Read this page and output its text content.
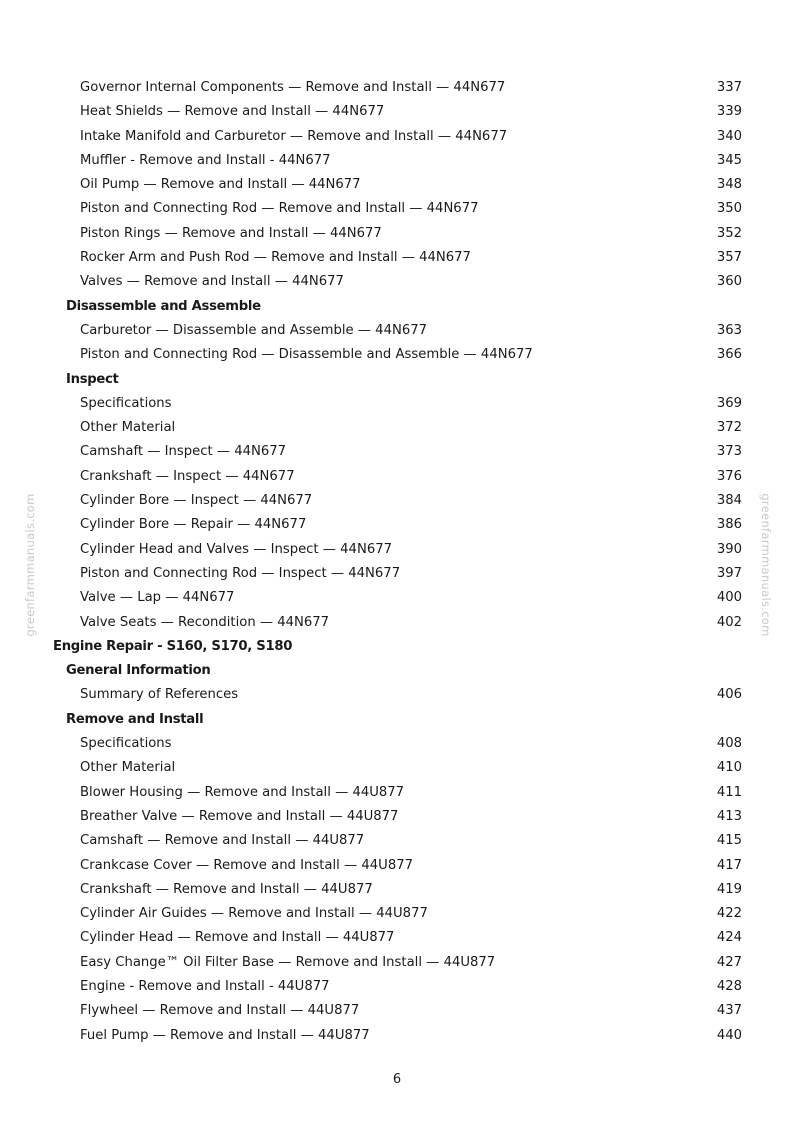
greenfarmmanuals.com	greenfarmmanuals.com
Governor Internal Components — Remove and Install — 44N677	337
Heat Shields — Remove and Install — 44N677	339
Intake Manifold and Carburetor — Remove and Install — 44N677	340
Muffler - Remove and Install - 44N677	345
Oil Pump — Remove and Install — 44N677	348
Piston and Connecting Rod — Remove and Install — 44N677	350
Piston Rings — Remove and Install — 44N677	352
Rocker Arm and Push Rod — Remove and Install — 44N677	357
Valves — Remove and Install — 44N677	360
Disassemble and Assemble
Carburetor — Disassemble and Assemble — 44N677	363
Piston and Connecting Rod — Disassemble and Assemble — 44N677	366
Inspect
Specifications	369
Other Material	372
Camshaft — Inspect — 44N677	373
Crankshaft — Inspect — 44N677	376
Cylinder Bore — Inspect — 44N677	384
Cylinder Bore — Repair — 44N677	386
Cylinder Head and Valves — Inspect — 44N677	390
Piston and Connecting Rod — Inspect — 44N677	397
Valve — Lap — 44N677	400
Valve Seats — Recondition — 44N677	402
Engine Repair - S160, S170, S180
General Information
Summary of References	406
Remove and Install
Specifications	408
Other Material	410
Blower Housing — Remove and Install — 44U877	411
Breather Valve — Remove and Install — 44U877	413
Camshaft — Remove and Install — 44U877	415
Crankcase Cover — Remove and Install — 44U877	417
Crankshaft — Remove and Install — 44U877	419
Cylinder Air Guides — Remove and Install — 44U877	422
Cylinder Head — Remove and Install — 44U877	424
Easy Change™ Oil Filter Base — Remove and Install — 44U877	427
Engine - Remove and Install - 44U877	428
Flywheel — Remove and Install — 44U877	437
Fuel Pump — Remove and Install — 44U877	440
6
